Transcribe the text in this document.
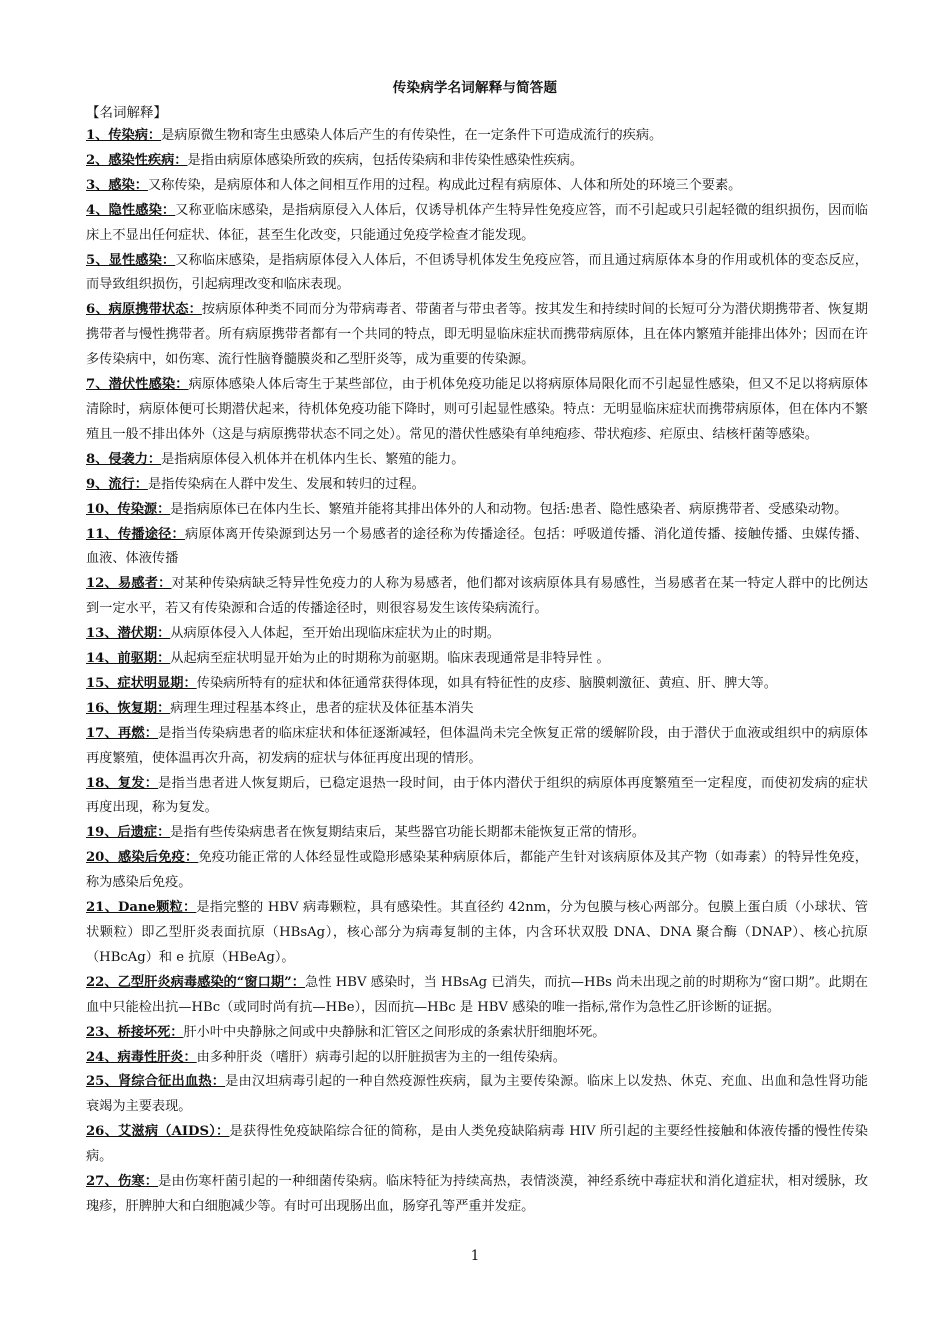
传染病学名词解释与简答题
【名词解释】

1、传染病：是病原微生物和寄生虫感染人体后产生的有传染性，在一定条件下可造成流行的疾病。

2、感染性疾病：是指由病原体感染所致的疾病，包括传染病和非传染性感染性疾病。

3、感染：又称传染，是病原体和人体之间相互作用的过程。构成此过程有病原体、人体和所处的环境三个要素。

4、隐性感染：又称亚临床感染，是指病原侵入人体后，仅诱导机体产生特异性免疫应答，而不引起或只引起轻微的组织损伤，因而临床上不显出任何症状、体征，甚至生化改变，只能通过免疫学检查才能发现。

5、显性感染：又称临床感染，是指病原体侵入人体后，不但诱导机体发生免疫应答，而且通过病原体本身的作用或机体的变态反应，而导致组织损伤，引起病理改变和临床表现。

6、病原携带状态：按病原体种类不同而分为带病毒者、带菌者与带虫者等。按其发生和持续时间的长短可分为潜伏期携带者、恢复期携带者与慢性携带者。所有病原携带者都有一个共同的特点，即无明显临床症状而携带病原体，且在体内繁殖并能排出体外；因而在许多传染病中，如伤寒、流行性脑脊髓膜炎和乙型肝炎等，成为重要的传染源。

7、潜伏性感染：病原体感染人体后寄生于某些部位，由于机体免疫功能足以将病原体局限化而不引起显性感染，但又不足以将病原体清除时，病原体便可长期潜伏起来，待机体免疫功能下降时，则可引起显性感染。特点：无明显临床症状而携带病原体，但在体内不繁殖且一般不排出体外（这是与病原携带状态不同之处）。常见的潜伏性感染有单纯疱疹、带状疱疹、疟原虫、结核杆菌等感染。

8、侵袭力：是指病原体侵入机体并在机体内生长、繁殖的能力。

9、流行：是指传染病在人群中发生、发展和转归的过程。

10、传染源：是指病原体已在体内生长、繁殖并能将其排出体外的人和动物。包括:患者、隐性感染者、病原携带者、受感染动物。

11、传播途径：病原体离开传染源到达另一个易感者的途径称为传播途径。包括：呼吸道传播、消化道传播、接触传播、虫媒传播、血液、体液传播

12、易感者：对某种传染病缺乏特异性免疫力的人称为易感者，他们都对该病原体具有易感性，当易感者在某一特定人群中的比例达到一定水平，若又有传染源和合适的传播途径时，则很容易发生该传染病流行。

13、潜伏期：从病原体侵入人体起，至开始出现临床症状为止的时期。

14、前驱期：从起病至症状明显开始为止的时期称为前驱期。临床表现通常是非特异性 。

15、症状明显期：传染病所特有的症状和体征通常获得体现，如具有特征性的皮疹、脑膜刺激征、黄疸、肝、脾大等。

16、恢复期：病理生理过程基本终止，患者的症状及体征基本消失

17、再燃：是指当传染病患者的临床症状和体征逐渐减轻，但体温尚未完全恢复正常的缓解阶段，由于潜伏于血液或组织中的病原体再度繁殖，使体温再次升高，初发病的症状与体征再度出现的情形。

18、复发：是指当患者进人恢复期后，已稳定退热一段时间，由于体内潜伏于组织的病原体再度繁殖至一定程度，而使初发病的症状再度出现，称为复发。

19、后遗症：是指有些传染病患者在恢复期结束后，某些器官功能长期都未能恢复正常的情形。

20、感染后免疫：免疫功能正常的人体经显性或隐形感染某种病原体后，都能产生针对该病原体及其产物（如毒素）的特异性免疫，称为感染后免疫。

21、Dane颗粒：是指完整的 HBV 病毒颗粒，具有感染性。其直径约 42nm，分为包膜与核心两部分。包膜上蛋白质（小球状、管状颗粒）即乙型肝炎表面抗原（HBsAg），核心部分为病毒复制的主体，内含环状双股 DNA、DNA 聚合酶（DNAP）、核心抗原（HBcAg）和 e 抗原（HBeAg）。

22、乙型肝炎病毒感染的“窗口期”：急性 HBV 感染时，当 HBsAg 已消失，而抗—HBs 尚未出现之前的时期称为“窗口期”。此期在血中只能检出抗—HBc（或同时尚有抗—HBe），因而抗—HBc 是 HBV 感染的唯一指标,常作为急性乙肝诊断的证据。

23、桥接坏死：肝小叶中央静脉之间或中央静脉和汇管区之间形成的条索状肝细胞坏死。

24、病毒性肝炎：由多种肝炎（嗜肝）病毒引起的以肝脏损害为主的一组传染病。

25、肾综合征出血热：是由汉坦病毒引起的一种自然疫源性疾病，鼠为主要传染源。临床上以发热、休克、充血、出血和急性肾功能衰竭为主要表现。

26、艾滋病（AIDS）：是获得性免疫缺陷综合征的简称，是由人类免疫缺陷病毒 HIV 所引起的主要经性接触和体液传播的慢性传染病。

27、伤寒：是由伤寒杆菌引起的一种细菌传染病。临床特征为持续高热，表情淡漠，神经系统中毒症状和消化道症状，相对缓脉，玫瑰疹，肝脾肿大和白细胞减少等。有时可出现肠出血，肠穿孔等严重并发症。

1
